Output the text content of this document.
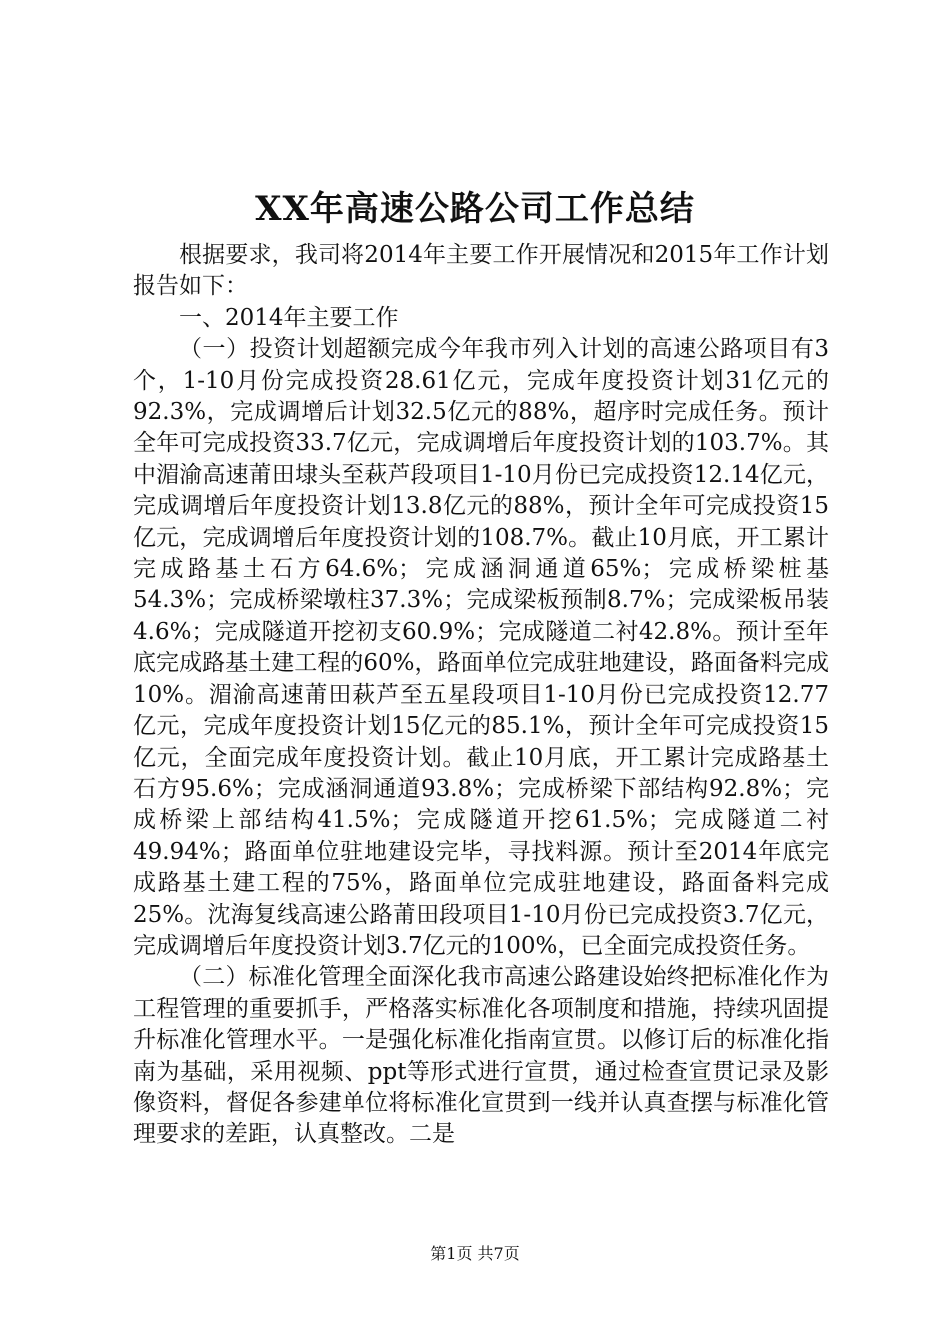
XX年高速公路公司工作总结

根据要求，我司将2014年主要工作开展情况和2015年工作计划报告如下：

一、2014年主要工作

（一）投资计划超额完成今年我市列入计划的高速公路项目有3个，1-10月份完成投资28.61亿元，完成年度投资计划31亿元的92.3%，完成调增后计划32.5亿元的88%，超序时完成任务。预计全年可完成投资33.7亿元，完成调增后年度投资计划的103.7%。其中湄渝高速莆田埭头至萩芦段项目1-10月份已完成投资12.14亿元，完成调增后年度投资计划13.8亿元的88%，预计全年可完成投资15亿元，完成调增后年度投资计划的108.7%。截止10月底，开工累计完成路基土石方64.6%；完成涵洞通道65%；完成桥梁桩基54.3%；完成桥梁墩柱37.3%；完成梁板预制8.7%；完成梁板吊装4.6%；完成隧道开挖初支60.9%；完成隧道二衬42.8%。预计至年底完成路基土建工程的60%，路面单位完成驻地建设，路面备料完成10%。湄渝高速莆田萩芦至五星段项目1-10月份已完成投资12.77亿元，完成年度投资计划15亿元的85.1%，预计全年可完成投资15亿元，全面完成年度投资计划。截止10月底，开工累计完成路基土石方95.6%；完成涵洞通道93.8%；完成桥梁下部结构92.8%；完成桥梁上部结构41.5%；完成隧道开挖61.5%；完成隧道二衬49.94%；路面单位驻地建设完毕，寻找料源。预计至2014年底完成路基土建工程的75%，路面单位完成驻地建设，路面备料完成25%。沈海复线高速公路莆田段项目1-10月份已完成投资3.7亿元，完成调增后年度投资计划3.7亿元的100%，已全面完成投资任务。

（二）标准化管理全面深化我市高速公路建设始终把标准化作为工程管理的重要抓手，严格落实标准化各项制度和措施，持续巩固提升标准化管理水平。一是强化标准化指南宣贯。以修订后的标准化指南为基础，采用视频、ppt等形式进行宣贯，通过检查宣贯记录及影像资料，督促各参建单位将标准化宣贯到一线并认真查摆与标准化管理要求的差距，认真整改。二是

第1页 共7页
